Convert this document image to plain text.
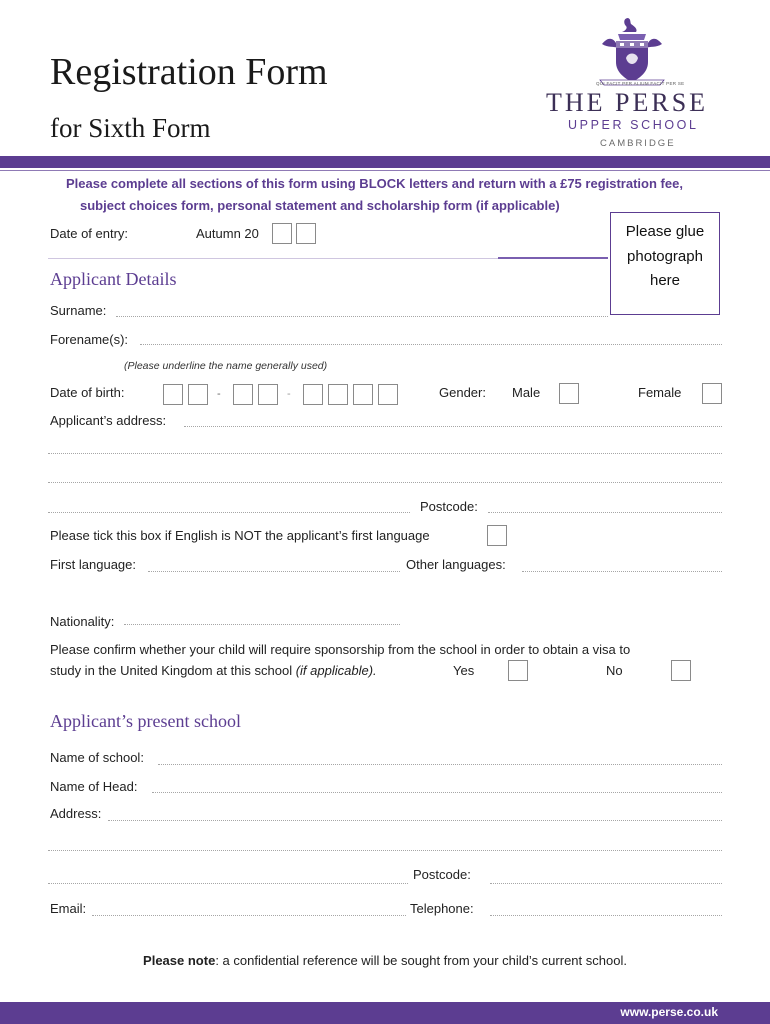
Registration Form
for Sixth Form
QUI FACIT PER ALIUM FACIT PER SE
THE PERSE
UPPER SCHOOL
CAMBRIDGE
Please complete all sections of this form using BLOCK letters and return with a £75 registration fee,
subject choices form, personal statement and scholarship form (if applicable)
Date of entry:	Autumn 20	Please glue
photograph
here
Applicant Details
Surname:
Forename(s):
(Please underline the name generally used)
Date of birth:	-	-	Gender: Male	Female
Applicant’s address:
Postcode:
Please tick this box if English is NOT the applicant’s first language
First language:	Other languages:
Nationality:
Please confirm whether your child will require sponsorship from the school in order to obtain a visa to
study in the United Kingdom at this school (if applicable).	Yes	No
Applicant’s present school
Name of school:
Name of Head:
Address:
Postcode:
Email:	Telephone:
Please note: a confidential reference will be sought from your child’s current school.
www.perse.co.uk
